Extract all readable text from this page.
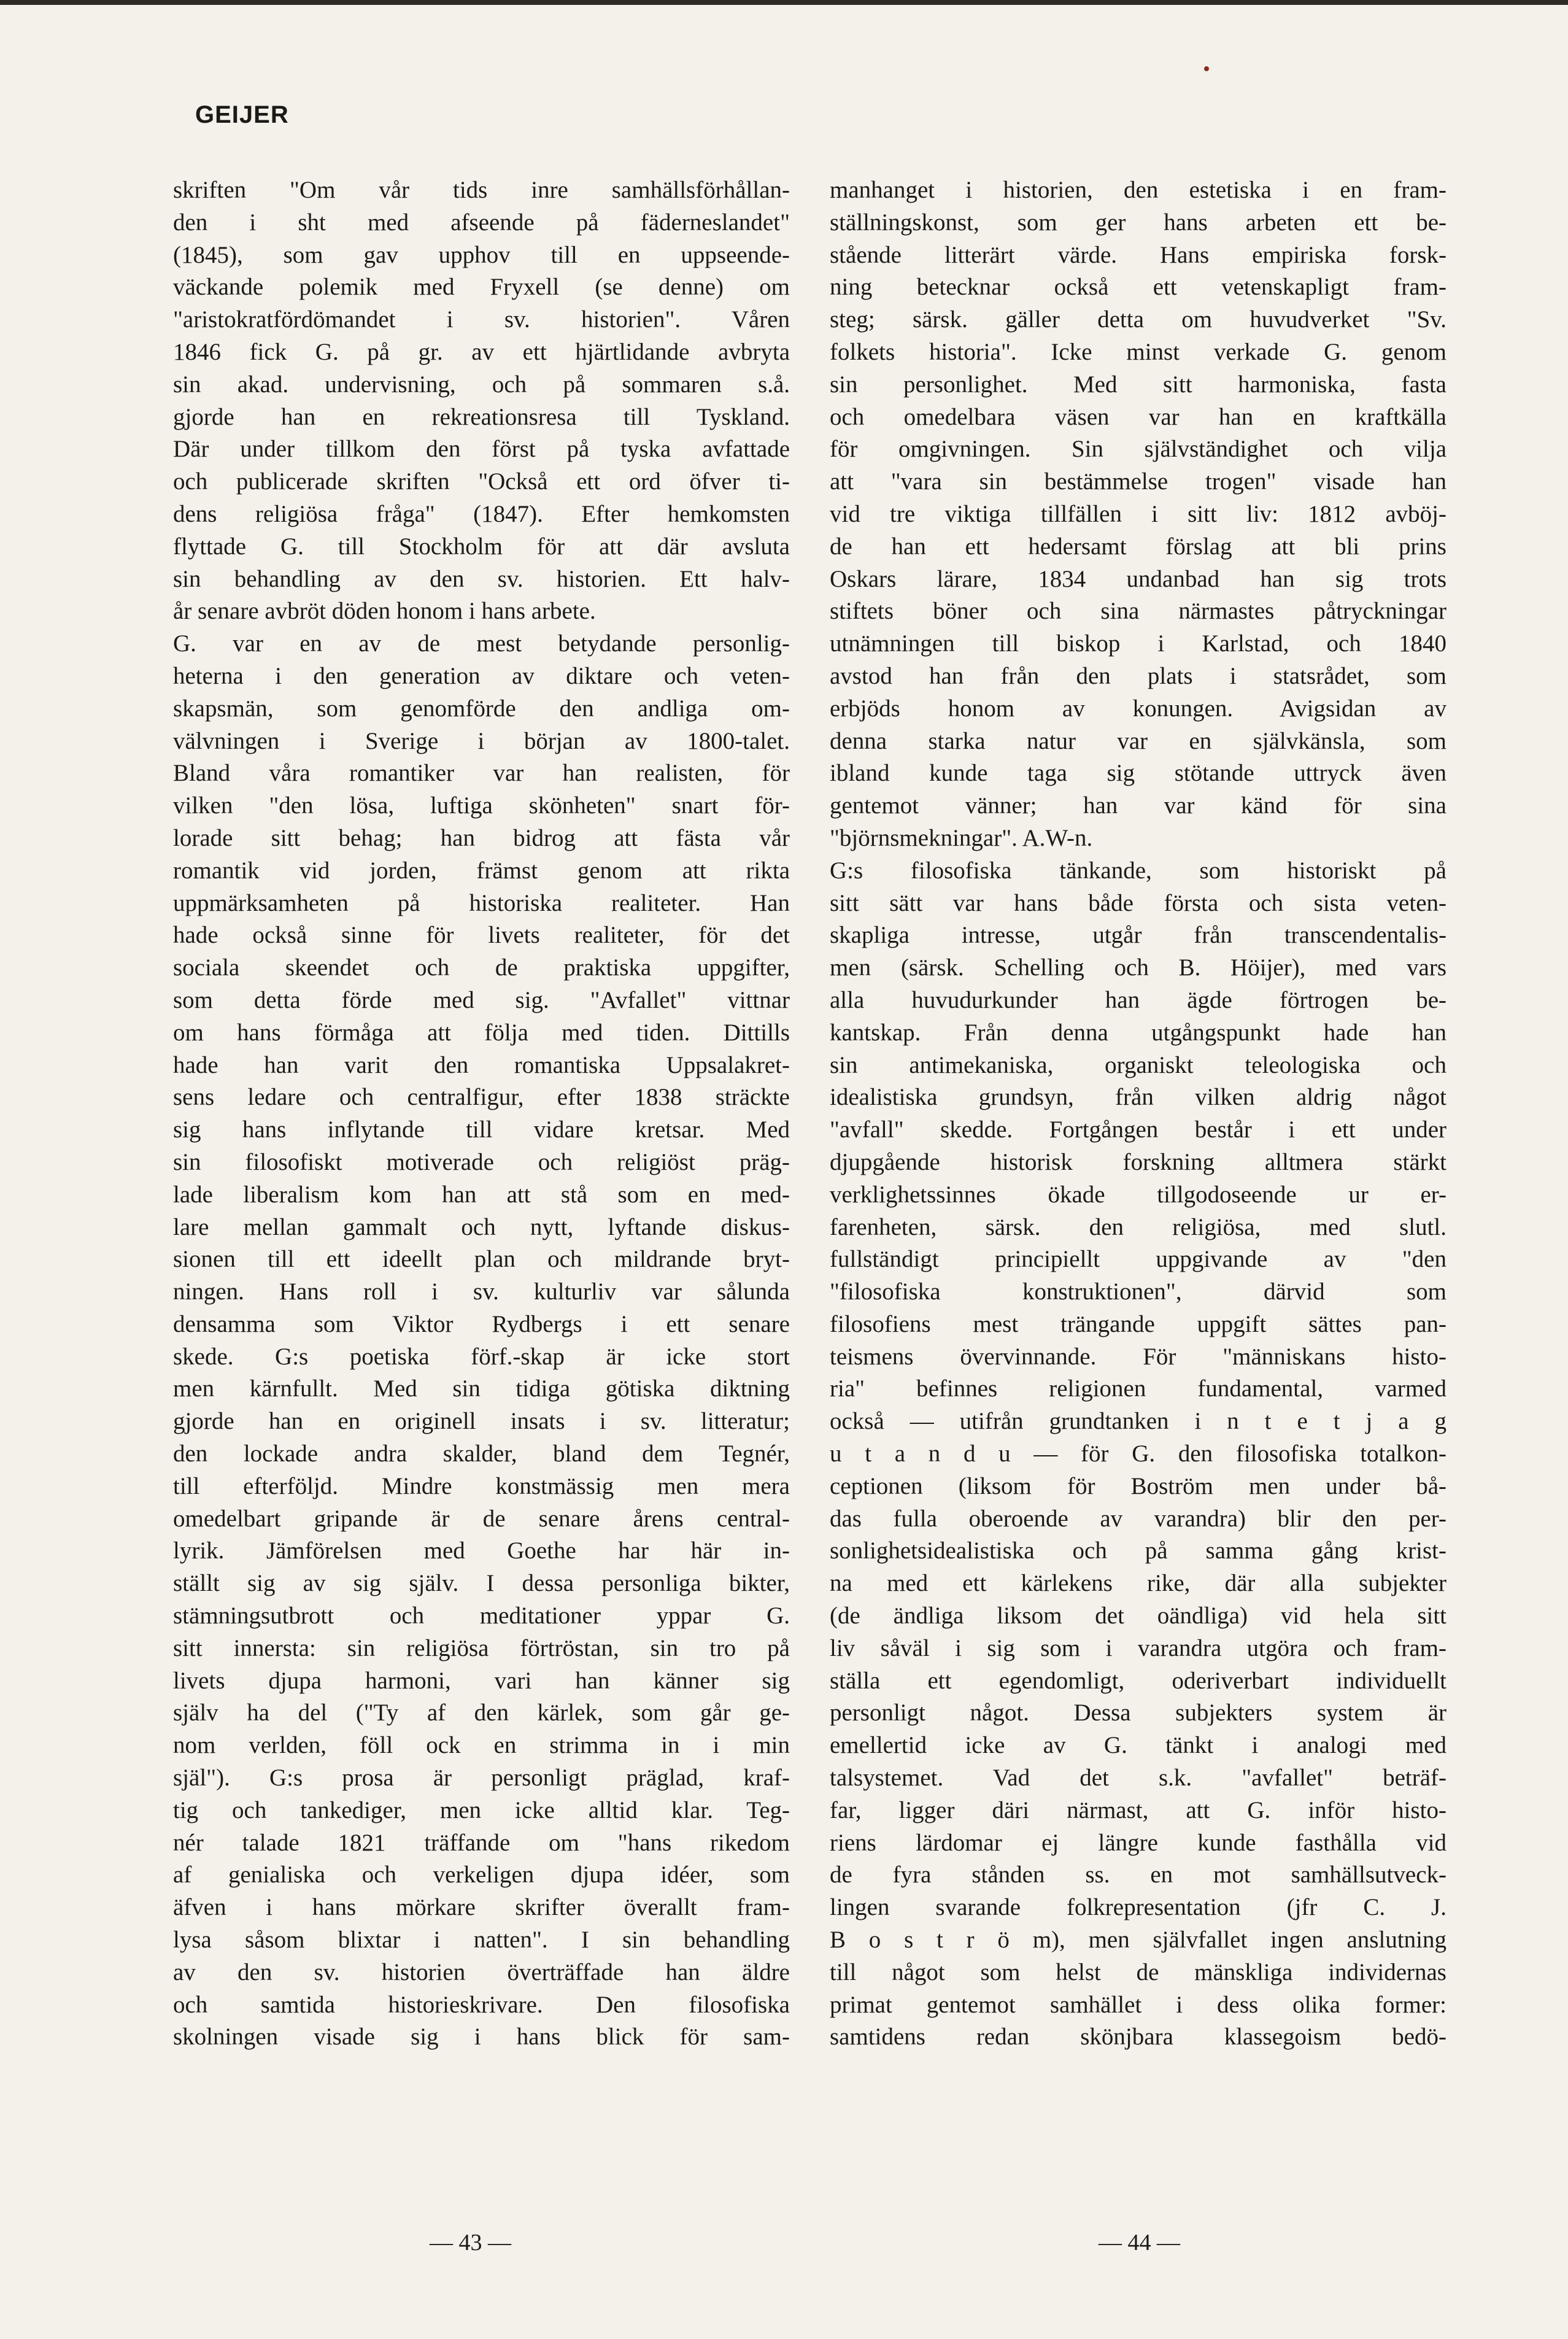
GEIJER
skriften "Om vår tids inre samhällsförhållan-
den i sht med afseende på fäderneslandet"
(1845), som gav upphov till en uppseende-
väckande polemik med Fryxell (se denne) om
"aristokratfördömandet i sv. historien". Våren
1846 fick G. på gr. av ett hjärtlidande avbryta
sin akad. undervisning, och på sommaren s.å.
gjorde han en rekreationsresa till Tyskland.
Där under tillkom den först på tyska avfattade
och publicerade skriften "Också ett ord öfver ti-
dens religiösa fråga" (1847). Efter hemkomsten
flyttade G. till Stockholm för att där avsluta
sin behandling av den sv. historien. Ett halv-
år senare avbröt döden honom i hans arbete.
G. var en av de mest betydande personlig-
heterna i den generation av diktare och veten-
skapsmän, som genomförde den andliga om-
välvningen i Sverige i början av 1800-talet.
Bland våra romantiker var han realisten, för
vilken "den lösa, luftiga skönheten" snart för-
lorade sitt behag; han bidrog att fästa vår
romantik vid jorden, främst genom att rikta
uppmärksamheten på historiska realiteter. Han
hade också sinne för livets realiteter, för det
sociala skeendet och de praktiska uppgifter,
som detta förde med sig. "Avfallet" vittnar
om hans förmåga att följa med tiden. Dittills
hade han varit den romantiska Uppsalakret-
sens ledare och centralfigur, efter 1838 sträckte
sig hans inflytande till vidare kretsar. Med
sin filosofiskt motiverade och religiöst präg-
lade liberalism kom han att stå som en med-
lare mellan gammalt och nytt, lyftande diskus-
sionen till ett ideellt plan och mildrande bryt-
ningen. Hans roll i sv. kulturliv var sålunda
densamma som Viktor Rydbergs i ett senare
skede. G:s poetiska förf.-skap är icke stort
men kärnfullt. Med sin tidiga götiska diktning
gjorde han en originell insats i sv. litteratur;
den lockade andra skalder, bland dem Tegnér,
till efterföljd. Mindre konstmässig men mera
omedelbart gripande är de senare årens central-
lyrik. Jämförelsen med Goethe har här in-
ställt sig av sig själv. I dessa personliga bikter,
stämningsutbrott och meditationer yppar G.
sitt innersta: sin religiösa förtröstan, sin tro på
livets djupa harmoni, vari han känner sig
själv ha del ("Ty af den kärlek, som går ge-
nom verlden, föll ock en strimma in i min
själ"). G:s prosa är personligt präglad, kraf-
tig och tankediger, men icke alltid klar. Teg-
nér talade 1821 träffande om "hans rikedom
af genialiska och verkeligen djupa idéer, som
äfven i hans mörkare skrifter överallt fram-
lysa såsom blixtar i natten". I sin behandling
av den sv. historien överträffade han äldre
och samtida historieskrivare. Den filosofiska
skolningen visade sig i hans blick för sam-
manhanget i historien, den estetiska i en fram-
ställningskonst, som ger hans arbeten ett be-
stående litterärt värde. Hans empiriska forsk-
ning betecknar också ett vetenskapligt fram-
steg; särsk. gäller detta om huvudverket "Sv.
folkets historia". Icke minst verkade G. genom
sin personlighet. Med sitt harmoniska, fasta
och omedelbara väsen var han en kraftkälla
för omgivningen. Sin självständighet och vilja
att "vara sin bestämmelse trogen" visade han
vid tre viktiga tillfällen i sitt liv: 1812 avböj-
de han ett hedersamt förslag att bli prins
Oskars lärare, 1834 undanbad han sig trots
stiftets böner och sina närmastes påtryckningar
utnämningen till biskop i Karlstad, och 1840
avstod han från den plats i statsrådet, som
erbjöds honom av konungen. Avigsidan av
denna starka natur var en självkänsla, som
ibland kunde taga sig stötande uttryck även
gentemot vänner; han var känd för sina
"björnsmekningar". A.W-n.
G:s filosofiska tänkande, som historiskt på
sitt sätt var hans både första och sista veten-
skapliga intresse, utgår från transcendentalis-
men (särsk. Schelling och B. Höijer), med vars
alla huvudurkunder han ägde förtrogen be-
kantskap. Från denna utgångspunkt hade han
sin antimekaniska, organiskt teleologiska och
idealistiska grundsyn, från vilken aldrig något
"avfall" skedde. Fortgången består i ett under
djupgående historisk forskning alltmera stärkt
verklighetssinnes ökade tillgodoseende ur er-
farenheten, särsk. den religiösa, med slutl.
fullständigt principiellt uppgivande av "den
"filosofiska konstruktionen", därvid som
filosofiens mest trängande uppgift sättes pan-
teismens övervinnande. För "människans histo-
ria" befinnes religionen fundamental, varmed
också — utifrån grundtanken i n t e t j a g
u t a n d u — för G. den filosofiska totalkon-
ceptionen (liksom för Boström men under bå-
das fulla oberoende av varandra) blir den per-
sonlighetsidealistiska och på samma gång krist-
na med ett kärlekens rike, där alla subjekter
(de ändliga liksom det oändliga) vid hela sitt
liv såväl i sig som i varandra utgöra och fram-
ställa ett egendomligt, oderiverbart individuellt
personligt något. Dessa subjekters system är
emellertid icke av G. tänkt i analogi med
talsystemet. Vad det s.k. "avfallet" beträf-
far, ligger däri närmast, att G. inför histo-
riens lärdomar ej längre kunde fasthålla vid
de fyra stånden ss. en mot samhällsutveck-
lingen svarande folkrepresentation (jfr C. J.
B o s t r ö m), men självfallet ingen anslutning
till något som helst de mänskliga individernas
primat gentemot samhället i dess olika former:
samtidens redan skönjbara klassegoism bedö-

— 43 —	— 44 —
